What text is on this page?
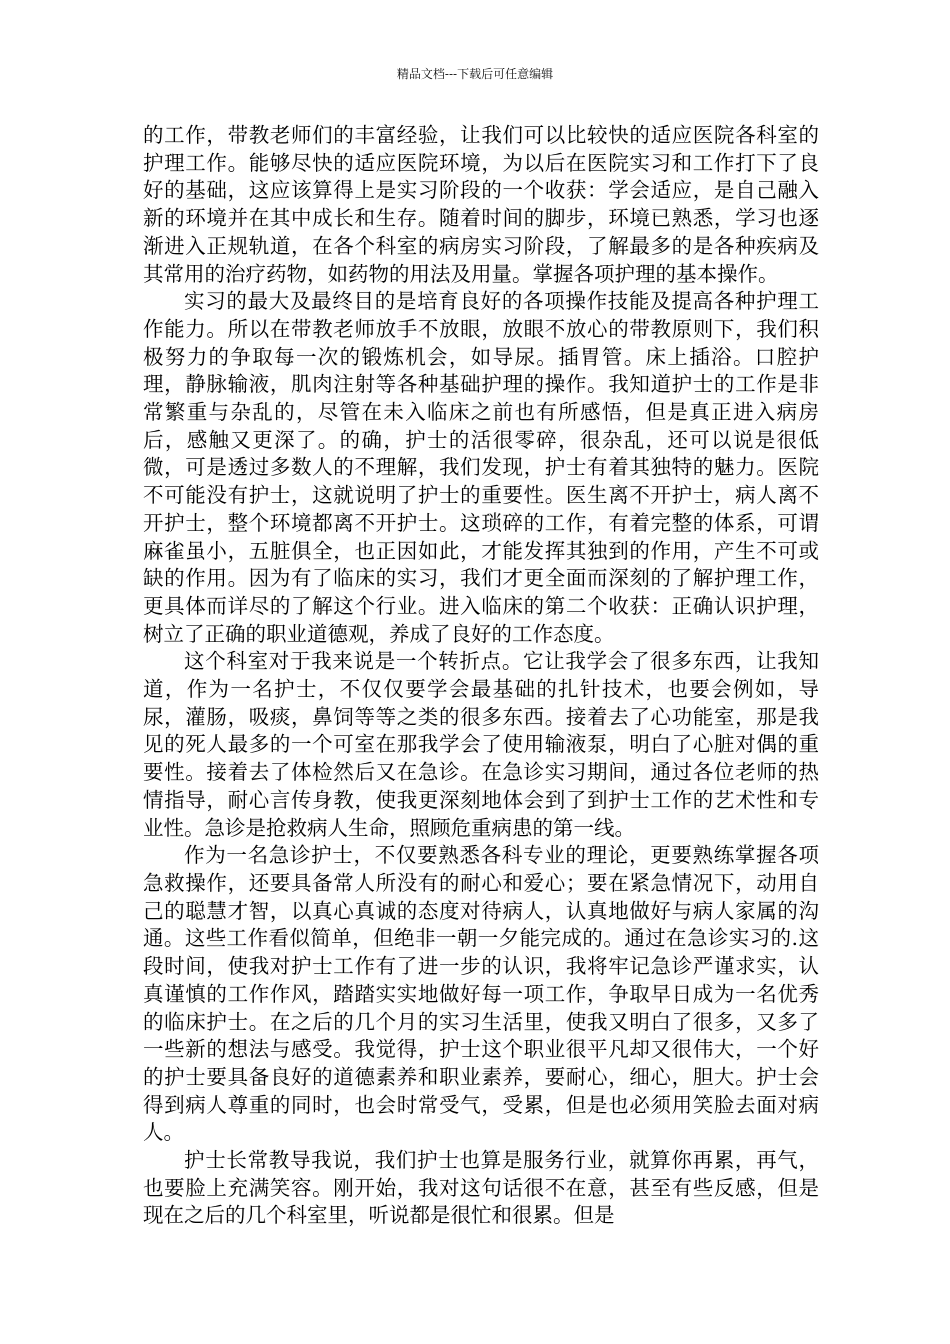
精品文档---下载后可任意编辑

的工作，带教老师们的丰富经验，让我们可以比较快的适应医院各科室的护理工作。能够尽快的适应医院环境，为以后在医院实习和工作打下了良好的基础，这应该算得上是实习阶段的一个收获：学会适应，是自己融入新的环境并在其中成长和生存。随着时间的脚步，环境已熟悉，学习也逐渐进入正规轨道，在各个科室的病房实习阶段，了解最多的是各种疾病及其常用的治疗药物，如药物的用法及用量。掌握各项护理的基本操作。

实习的最大及最终目的是培育良好的各项操作技能及提高各种护理工作能力。所以在带教老师放手不放眼，放眼不放心的带教原则下，我们积极努力的争取每一次的锻炼机会，如导尿。插胃管。床上插浴。口腔护理，静脉输液，肌肉注射等各种基础护理的操作。我知道护士的工作是非常繁重与杂乱的，尽管在未入临床之前也有所感悟，但是真正进入病房后，感触又更深了。的确，护士的活很零碎，很杂乱，还可以说是很低微，可是透过多数人的不理解，我们发现，护士有着其独特的魅力。医院不可能没有护士，这就说明了护士的重要性。医生离不开护士，病人离不开护士，整个环境都离不开护士。这琐碎的工作，有着完整的体系，可谓麻雀虽小，五脏俱全，也正因如此，才能发挥其独到的作用，产生不可或缺的作用。因为有了临床的实习，我们才更全面而深刻的了解护理工作，更具体而详尽的了解这个行业。进入临床的第二个收获：正确认识护理，树立了正确的职业道德观，养成了良好的工作态度。

这个科室对于我来说是一个转折点。它让我学会了很多东西，让我知道，作为一名护士，不仅仅要学会最基础的扎针技术，也要会例如，导尿，灌肠，吸痰，鼻饲等等之类的很多东西。接着去了心功能室，那是我见的死人最多的一个可室在那我学会了使用输液泵，明白了心脏对偶的重要性。接着去了体检然后又在急诊。在急诊实习期间，通过各位老师的热情指导，耐心言传身教，使我更深刻地体会到了到护士工作的艺术性和专业性。急诊是抢救病人生命，照顾危重病患的第一线。

作为一名急诊护士，不仅要熟悉各科专业的理论，更要熟练掌握各项急救操作，还要具备常人所没有的耐心和爱心；要在紧急情况下，动用自己的聪慧才智，以真心真诚的态度对待病人，认真地做好与病人家属的沟通。这些工作看似简单，但绝非一朝一夕能完成的。通过在急诊实习的.这段时间，使我对护士工作有了进一步的认识，我将牢记急诊严谨求实，认真谨慎的工作作风，踏踏实实地做好每一项工作，争取早日成为一名优秀的临床护士。在之后的几个月的实习生活里，使我又明白了很多，又多了一些新的想法与感受。我觉得，护士这个职业很平凡却又很伟大，一个好的护士要具备良好的道德素养和职业素养，要耐心，细心，胆大。护士会得到病人尊重的同时，也会时常受气，受累，但是也必须用笑脸去面对病人。

护士长常教导我说，我们护士也算是服务行业，就算你再累，再气，也要脸上充满笑容。刚开始，我对这句话很不在意，甚至有些反感，但是现在之后的几个科室里，听说都是很忙和很累。但是
